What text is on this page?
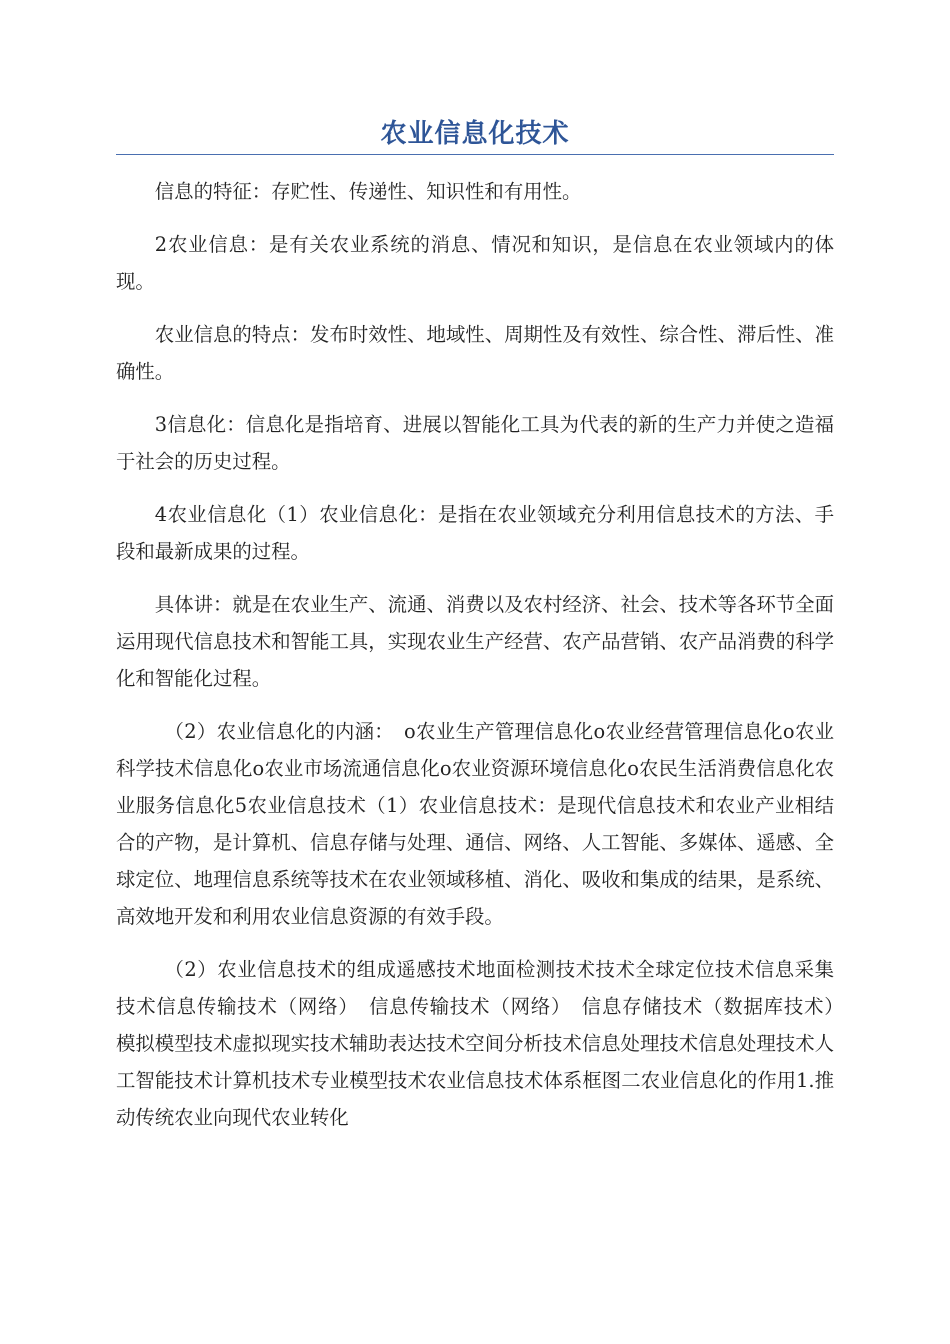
农业信息化技术

信息的特征：存贮性、传递性、知识性和有用性。

2农业信息：是有关农业系统的消息、情况和知识，是信息在农业领域内的体现。

农业信息的特点：发布时效性、地域性、周期性及有效性、综合性、滞后性、准确性。

3信息化：信息化是指培育、进展以智能化工具为代表的新的生产力并使之造福于社会的历史过程。

4农业信息化（1）农业信息化：是指在农业领域充分利用信息技术的方法、手段和最新成果的过程。

具体讲：就是在农业生产、流通、消费以及农村经济、社会、技术等各环节全面运用现代信息技术和智能工具，实现农业生产经营、农产品营销、农产品消费的科学化和智能化过程。

（2）农业信息化的内涵：　o农业生产管理信息化o农业经营管理信息化o农业科学技术信息化o农业市场流通信息化o农业资源环境信息化o农民生活消费信息化农业服务信息化5农业信息技术（1）农业信息技术：是现代信息技术和农业产业相结合的产物，是计算机、信息存储与处理、通信、网络、人工智能、多媒体、遥感、全球定位、地理信息系统等技术在农业领域移植、消化、吸收和集成的结果，是系统、高效地开发和利用农业信息资源的有效手段。

（2）农业信息技术的组成遥感技术地面检测技术技术全球定位技术信息采集技术信息传输技术（网络）　信息传输技术（网络）　信息存储技术（数据库技术）　模拟模型技术虚拟现实技术辅助表达技术空间分析技术信息处理技术信息处理技术人工智能技术计算机技术专业模型技术农业信息技术体系框图二农业信息化的作用1.推动传统农业向现代农业转化
